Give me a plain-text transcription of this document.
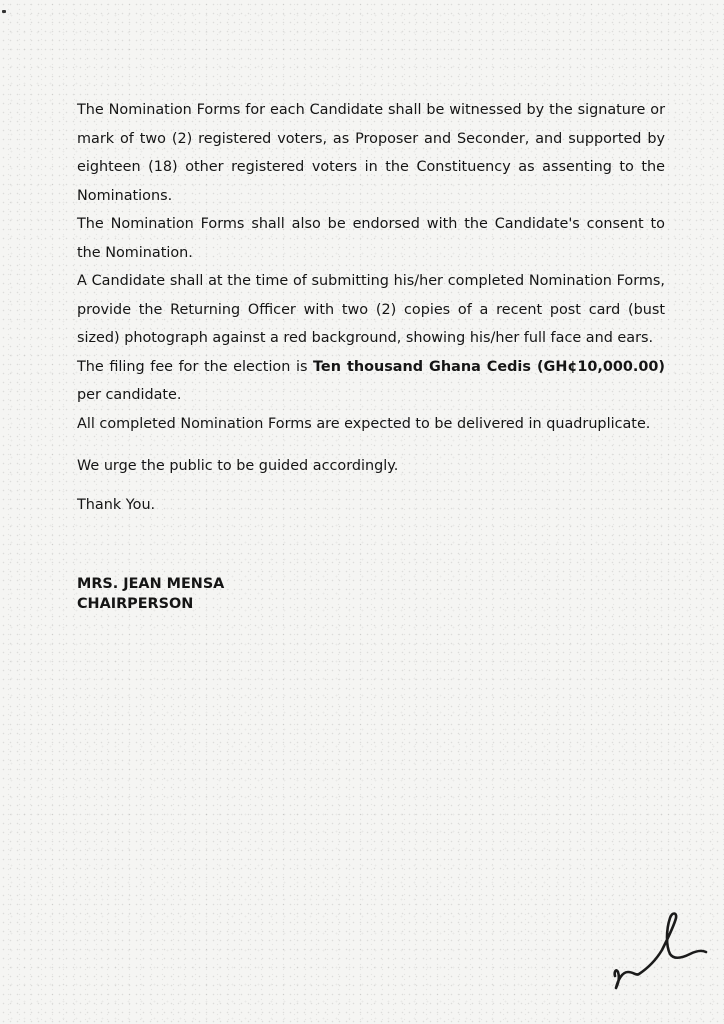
The Nomination Forms for each Candidate shall be witnessed by the signature or mark of two (2) registered voters, as Proposer and Seconder, and supported by eighteen (18) other registered voters in the Constituency as assenting to the Nominations.

The Nomination Forms shall also be endorsed with the Candidate's consent to the Nomination.

A Candidate shall at the time of submitting his/her completed Nomination Forms, provide the Returning Officer with two (2) copies of a recent post card (bust sized) photograph against a red background, showing his/her full face and ears.

The filing fee for the election is Ten thousand Ghana Cedis (GH¢10,000.00) per candidate.

All completed Nomination Forms are expected to be delivered in quadruplicate.

We urge the public to be guided accordingly.

Thank You.

MRS. JEAN MENSA
CHAIRPERSON
